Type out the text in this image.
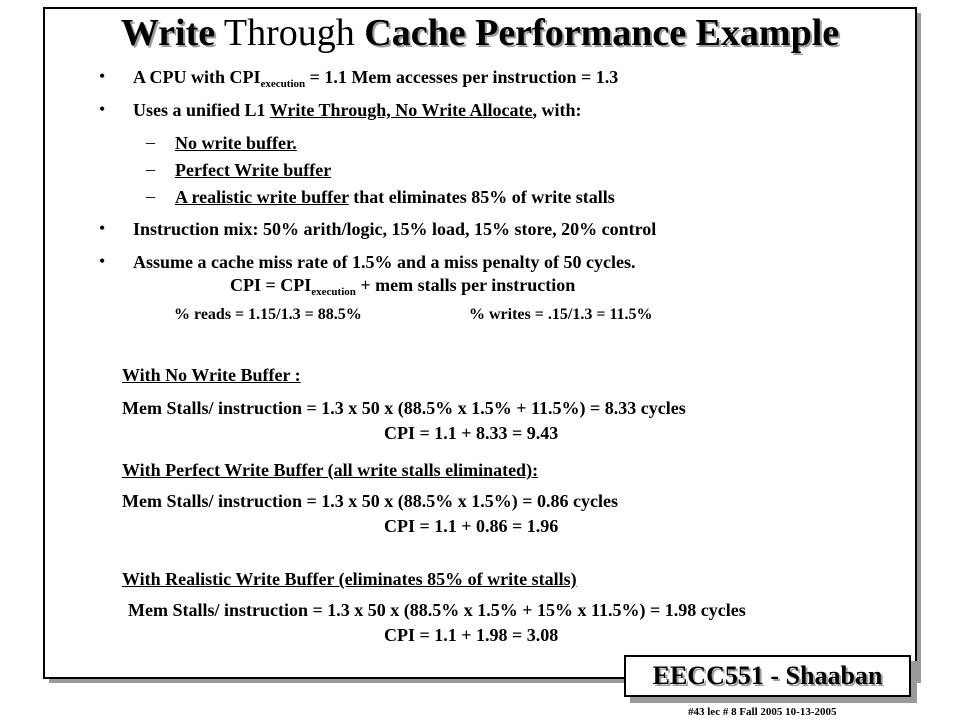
Write Through Cache Performance Example
• A CPU with $CPI_{execution} = 1.1$ Mem accesses per instruction = 1.3
• Uses a unified L1 Write Through, No Write Allocate, with:
– No write buffer.
– Perfect Write buffer
– A realistic write buffer that eliminates 85% of write stalls
• Instruction mix: 50% arith/logic, 15% load, 15% store, 20% control
• Assume a cache miss rate of 1.5% and a miss penalty of 50 cycles.
CPI = $CPI_{execution}$ + mem stalls per instruction
% reads = 1.15/1.3 = 88.5%	% writes = .15/1.3 = 11.5%
With No Write Buffer :
Mem Stalls/ instruction = 1.3 x 50 x (88.5% x 1.5% + 11.5%) = 8.33 cycles
CPI = 1.1 + 8.33 = 9.43
With Perfect Write Buffer (all write stalls eliminated):
Mem Stalls/ instruction = 1.3 x 50 x (88.5% x 1.5%) = 0.86 cycles
CPI = 1.1 + 0.86 = 1.96
With Realistic Write Buffer (eliminates 85% of write stalls)
Mem Stalls/ instruction = 1.3 x 50 x (88.5% x 1.5% + 15% x 11.5%) = 1.98 cycles
CPI = 1.1 + 1.98 = 3.08
EECC551 - Shaaban
#43 lec # 8 Fall 2005 10-13-2005
